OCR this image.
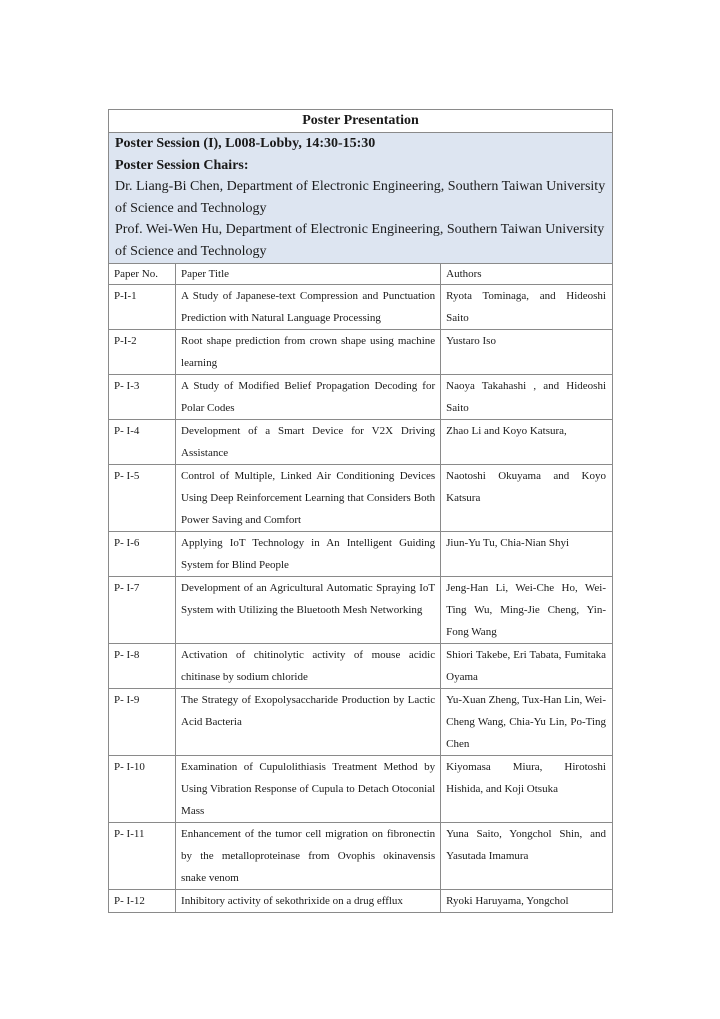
Poster Presentation		

Poster Session (I), L008-Lobby, 14:30-15:30
Poster Session Chairs:
Dr. Liang-Bi Chen, Department of Electronic Engineering, Southern Taiwan University of Science and Technology
Prof. Wei-Wen Hu, Department of Electronic Engineering, Southern Taiwan University of Science and Technology		

Paper No.	Paper Title	Authors
P-I-1	A Study of Japanese-text Compression and Punctuation Prediction with Natural Language Processing	Ryota Tominaga, and Hideoshi Saito
P-I-2	Root shape prediction from crown shape using machine learning	Yustaro Iso
P- I-3	A Study of Modified Belief Propagation Decoding for Polar Codes	Naoya Takahashi , and Hideoshi Saito
P- I-4	Development of a Smart Device for V2X Driving Assistance	Zhao Li and Koyo Katsura,
P- I-5	Control of Multiple, Linked Air Conditioning Devices Using Deep Reinforcement Learning that Considers Both Power Saving and Comfort	Naotoshi Okuyama and Koyo Katsura
P- I-6	Applying IoT Technology in An Intelligent Guiding System for Blind People	Jiun-Yu Tu, Chia-Nian Shyi
P- I-7	Development of an Agricultural Automatic Spraying IoT System with Utilizing the Bluetooth Mesh Networking	Jeng-Han Li, Wei-Che Ho, Wei-Ting Wu, Ming-Jie Cheng, Yin-Fong Wang
P- I-8	Activation of chitinolytic activity of mouse acidic chitinase by sodium chloride	Shiori Takebe, Eri Tabata, Fumitaka Oyama
P- I-9	The Strategy of Exopolysaccharide Production by Lactic Acid Bacteria	Yu-Xuan Zheng, Tux-Han Lin, Wei-Cheng Wang, Chia-Yu Lin, Po-Ting Chen
P- I-10	Examination of Cupulolithiasis Treatment Method by Using Vibration Response of Cupula to Detach Otoconial Mass	Kiyomasa Miura, Hirotoshi Hishida, and Koji Otsuka
P- I-11	Enhancement of the tumor cell migration on fibronectin by the metalloproteinase from Ovophis okinavensis snake venom	Yuna Saito, Yongchol Shin, and Yasutada Imamura
P- I-12	Inhibitory activity of sekothrixide on a drug efflux	Ryoki Haruyama, Yongchol
